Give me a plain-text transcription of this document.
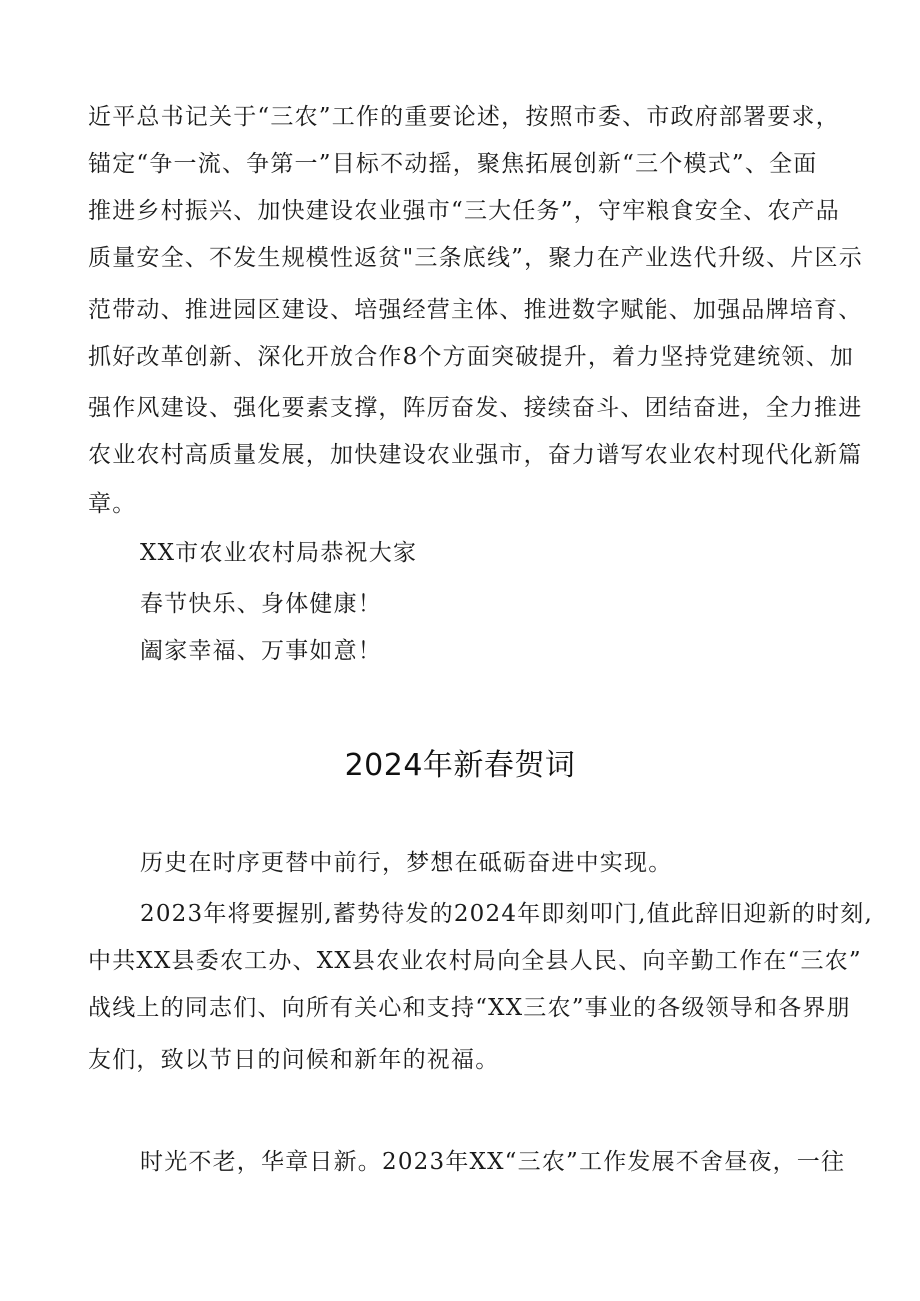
近平总书记关于“三农”工作的重要论述，按照市委、市政府部署要求，
锚定“争一流、争第一”目标不动摇，聚焦拓展创新“三个模式”、全面
推进乡村振兴、加快建设农业强市“三大任务”，守牢粮食安全、农产品
质量安全、不发生规模性返贫"三条底线”，聚力在产业迭代升级、片区示
范带动、推进园区建设、培强经营主体、推进数字赋能、加强品牌培育、
抓好改革创新、深化开放合作8个方面突破提升，着力坚持党建统领、加
强作风建设、强化要素支撑，阵厉奋发、接续奋斗、团结奋进，全力推进
农业农村高质量发展，加快建设农业强市，奋力谱写农业农村现代化新篇
章。
XX市农业农村局恭祝大家
春节快乐、身体健康！
阖家幸福、万事如意！
2024年新春贺词
历史在时序更替中前行，梦想在砥砺奋进中实现。
2023年将要握别,蓄势待发的2024年即刻叩门,值此辞旧迎新的时刻,
中共XX县委农工办、XX县农业农村局向全县人民、向辛勤工作在“三农”
战线上的同志们、向所有关心和支持“XX三农”事业的各级领导和各界朋
友们，致以节日的问候和新年的祝福。
时光不老，华章日新。2023年XX“三农”工作发展不舍昼夜，一往
